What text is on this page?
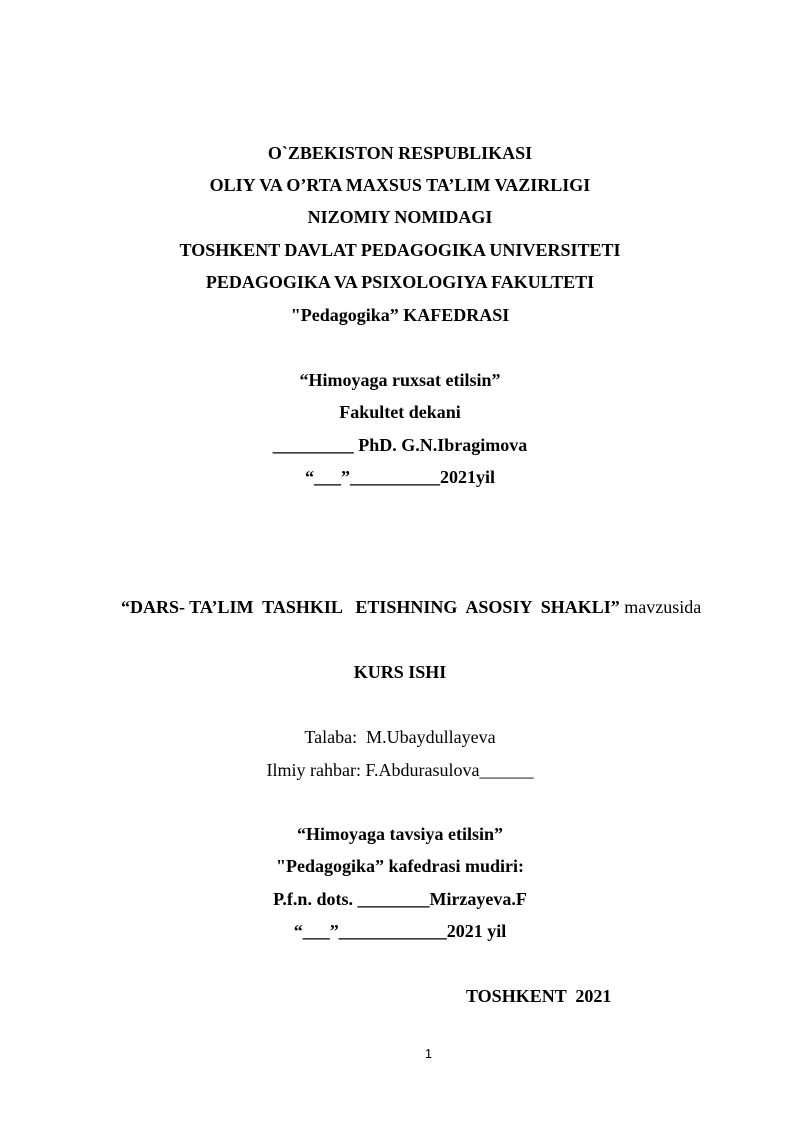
O`ZBEKISTON RESPUBLIKASI
OLIY VA O’RTA MAXSUS TA’LIM VAZIRLIGI
NIZOMIY NOMIDAGI
TOSHKENT DAVLAT PEDAGOGIKA UNIVERSITETI
PEDAGOGIKA VA PSIXOLOGIYA FAKULTETI
"Pedagogika” KAFEDRASI
“Himoyaga ruxsat etilsin”
Fakultet dekani
_________ PhD. G.N.Ibragimova
“___”__________2021yil
“DARS- TA’LIM  TASHKIL   ETISHNING  ASOSIY  SHAKLI” mavzusida
KURS ISHI
Talaba:  M.Ubaydullayeva
Ilmiy rahbar: F.Abdurasulova______
“Himoyaga tavsiya etilsin”
"Pedagogika” kafedrasi mudiri:
P.f.n. dots. ________Mirzayeva.F
“___”____________2021 yil
TOSHKENT  2021
1
